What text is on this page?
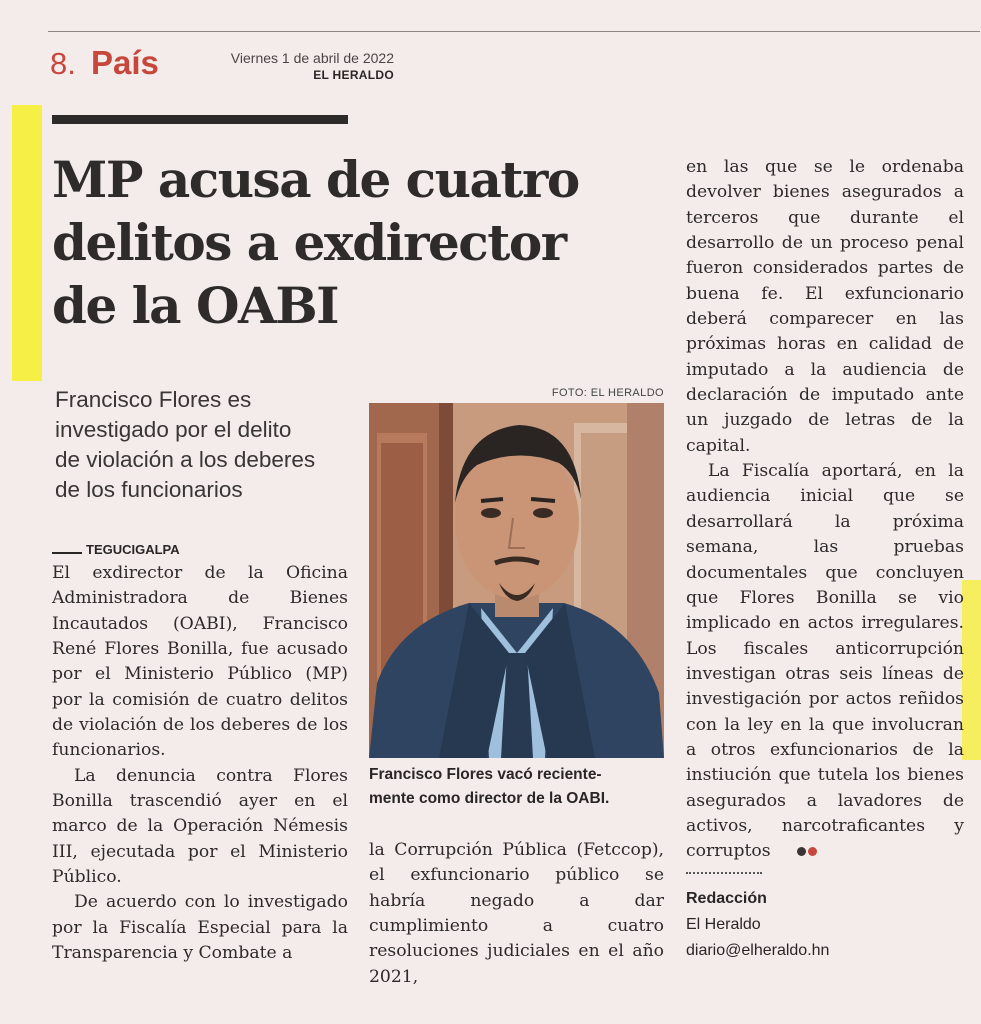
8. País	Viernes 1 de abril de 2022
EL HERALDO
MP acusa de cuatro
delitos a exdirector
de la OABI
Francisco Flores es
investigado por el delito
de violación a los deberes
de los funcionarios
TEGUCIGALPA

El exdirector de la Oficina Administradora de Bienes Incautados (OABI), Francisco René Flores Bonilla, fue acusado por el Ministerio Público (MP) por la comisión de cuatro delitos de violación de los deberes de los funcionarios.

La denuncia contra Flores Bonilla trascendió ayer en el marco de la Operación Némesis III, ejecutada por el Ministerio Público.

De acuerdo con lo investigado por la Fiscalía Especial para la Transparencia y Combate a

FOTO: EL HERALDO
Francisco Flores vacó reciente-
mente como director de la OABI.

la Corrupción Pública (Fetccop), el exfuncionario público se habría negado a dar cumplimiento a cuatro resoluciones judiciales en el año 2021,

en las que se le ordenaba devolver bienes asegurados a terceros que durante el desarrollo de un proceso penal fueron considerados partes de buena fe. El exfuncionario deberá comparecer en las próximas horas en calidad de imputado a la audiencia de declaración de imputado ante un juzgado de letras de la capital.

La Fiscalía aportará, en la audiencia inicial que se desarrollará la próxima semana, las pruebas documentales que concluyen que Flores Bonilla se vio implicado en actos irregulares. Los fiscales anticorrupción investigan otras seis líneas de investigación por actos reñidos con la ley en la que involucran a otros exfuncionarios de la instiución que tutela los bienes asegurados a lavadores de activos, narcotraficantes y corruptos

Redacción
El Heraldo
diario@elheraldo.hn
